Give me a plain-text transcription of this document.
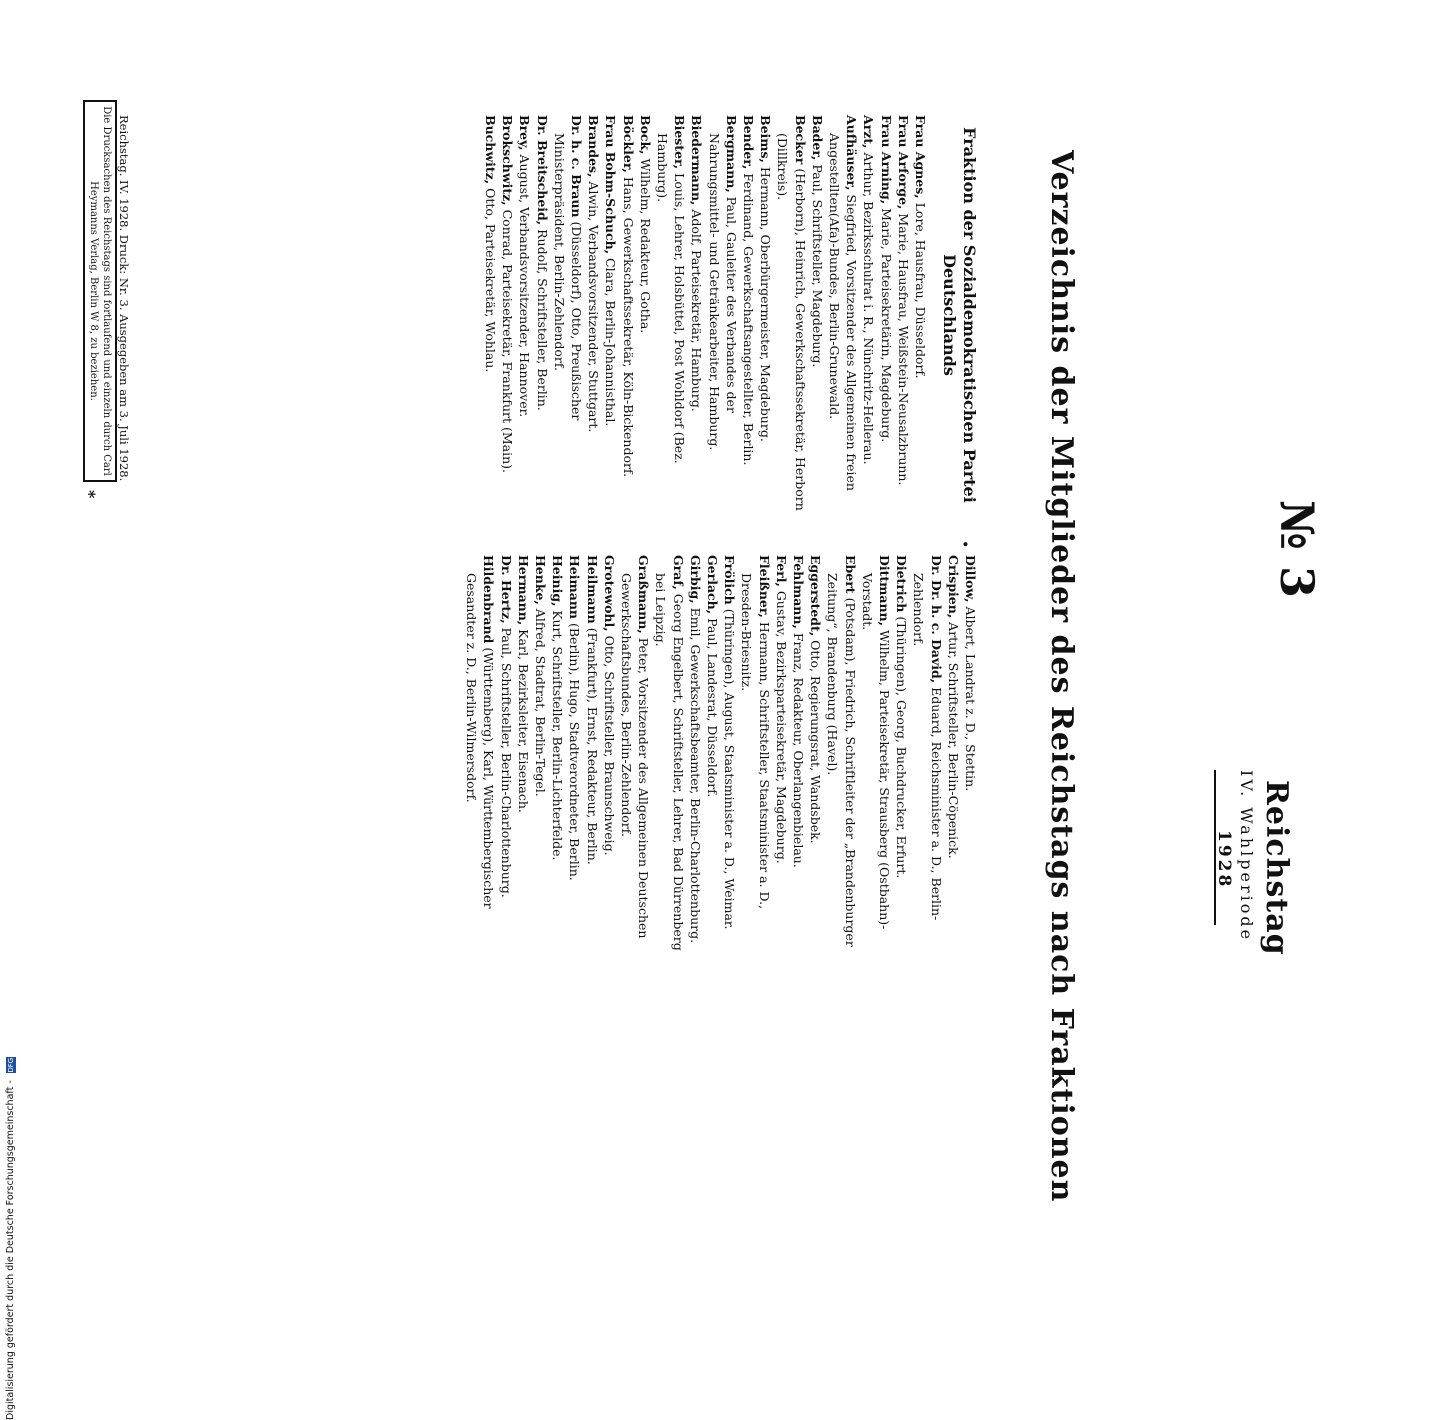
Reichstag
IV. Wahlperiode
1928
№ 3
Verzeichnis der Mitglieder des Reichstags nach Fraktionen
Fraktion der Sozialdemokratischen Partei Deutschlands
•

Frau Agnes, Lore, Hausfrau, Düsseldorf.

Frau Arforge, Marie, Hausfrau, Weißstein-Neusalzbrunn.

Frau Arning, Marie, Parteisekretärin, Magdeburg.

Arzt, Arthur, Bezirksschulrat i. R., Nünchritz-Hellerau.

Aufhäuser, Siegfried, Vorsitzender des Allgemeinen freien Angestellten(Afa)-Bundes, Berlin-Grunewald.

Bader, Paul, Schriftsteller, Magdeburg.

Becker (Herborn), Heinrich, Gewerkschaftssekretär, Herborn (Dillkreis).

Beims, Hermann, Oberbürgermeister, Magdeburg.

Bender, Ferdinand, Gewerkschaftsangestellter, Berlin.

Bergmann, Paul, Gauleiter des Verbandes der Nahrungsmittel- und Getränkearbeiter, Hamburg.

Biedermann, Adolf, Parteisekretär, Hamburg.

Biester, Louis, Lehrer, Holsbüttel, Post Wohldorf (Bez. Hamburg).

Bock, Wilhelm, Redakteur, Gotha.

Böckler, Hans, Gewerkschaftssekretär, Köln-Bickendorf.

Frau Bohm-Schuch, Clara, Berlin-Johannisthal.

Brandes, Alwin, Verbandsvorsitzender, Stuttgart.

Dr. h. c. Braun (Düsseldorf), Otto, Preußischer Ministerpräsident, Berlin-Zehlendorf.

Dr. Breitscheid, Rudolf, Schriftsteller, Berlin.

Brey, August, Verbandsvorsitzender, Hannover.

Brokschwitz, Conrad, Parteisekretär, Frankfurt (Main).

Buchwitz, Otto, Parteisekretär, Wohlau.

Dillow, Albert, Landrat z. D., Stettin.

Crispien, Artur, Schriftsteller, Berlin-Cöpenick.

Dr. Dr. h. c. David, Eduard, Reichsminister a. D., Berlin-Zehlendorf.

Dietrich (Thüringen), Georg, Buchdrucker, Erfurt.

Dittmann, Wilhelm, Parteisekretär, Strausberg (Ostbahn)-Vorstadt.

Ebert (Potsdam), Friedrich, Schriftleiter der „Brandenburger Zeitung“, Brandenburg (Havel).

Eggerstedt, Otto, Regierungsrat, Wandsbek.

Fehlmann, Franz, Redakteur, Oberlangenbielau.

Ferl, Gustav, Bezirksparteisekretär, Magdeburg.

Fleißner, Hermann, Schriftsteller, Staatsminister a. D., Dresden-Briesnitz.

Frölich (Thüringen), August, Staatsminister a. D., Weimar.

Gerlach, Paul, Landesrat, Düsseldorf.

Girbig, Emil, Gewerkschaftsbeamter, Berlin-Charlottenburg.

Graf, Georg Engelbert, Schriftsteller, Lehrer, Bad Dürrenberg bei Leipzig.

Graßmann, Peter, Vorsitzender des Allgemeinen Deutschen Gewerkschaftsbundes, Berlin-Zehlendorf.

Grotewohl, Otto, Schriftsteller, Braunschweig.

Heilmann (Frankfurt), Ernst, Redakteur, Berlin.

Heimann (Berlin), Hugo, Stadtverordneter, Berlin.

Heinig, Kurt, Schriftsteller, Berlin-Lichterfelde.

Henke, Alfred, Stadtrat, Berlin-Tegel.

Hermann, Karl, Bezirksleiter, Eisenach.

Dr. Hertz, Paul, Schriftsteller, Berlin-Charlottenburg.

Hildenbrand (Württemberg), Karl, Württembergischer Gesandter z. D., Berlin-Wilmersdorf.

Reichstag. IV. 1928. Druck: Nr. 3. Ausgegeben am 3. Juli 1928.
Die Drucksachen des Reichstags sind fortlaufend und einzeln durch Carl Heymanns Verlag, Berlin W 8, zu beziehen.
*
Digitalisierung gefördert durch die Deutsche Forschungsgemeinschaft - DFG
